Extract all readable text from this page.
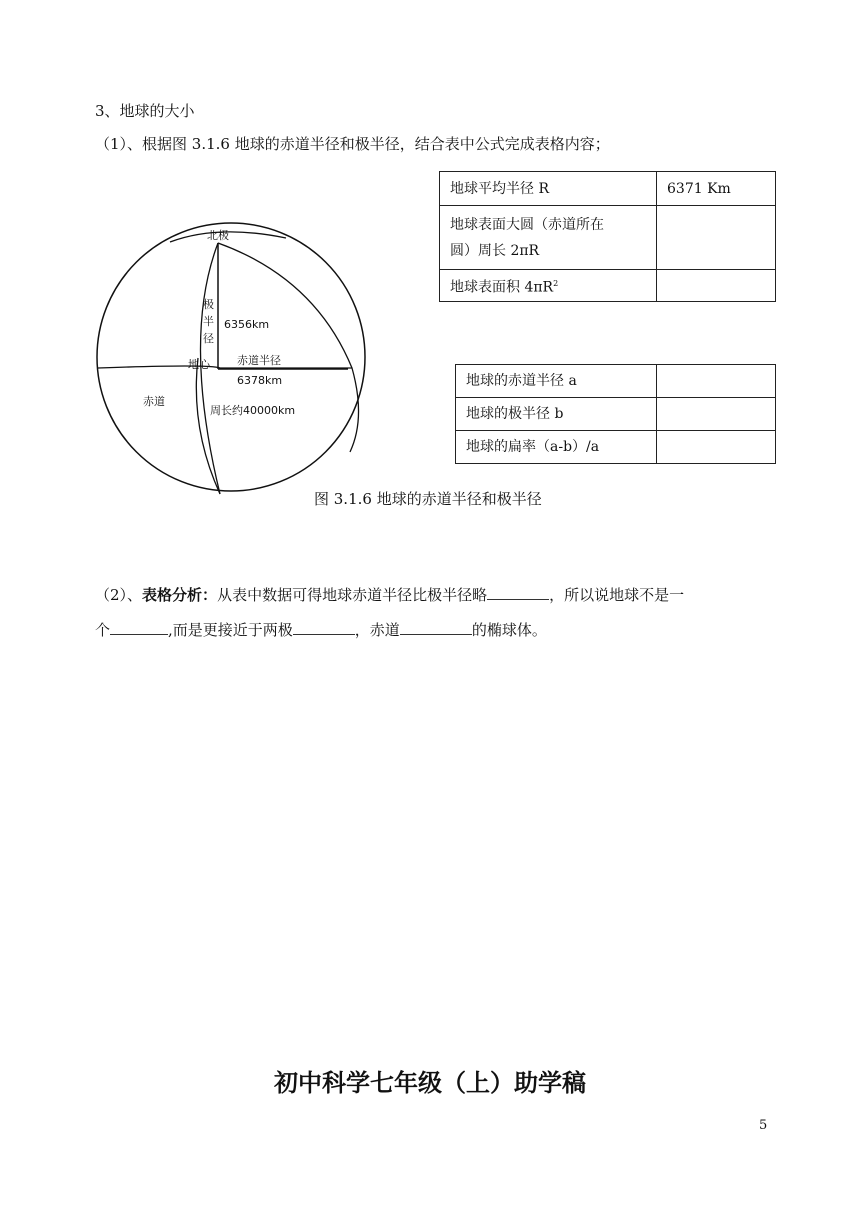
3、地球的大小
（1）、根据图 3.1.6 地球的赤道半径和极半径，结合表中公式完成表格内容；
地球平均半径 R	6371 Km

地球表面大圆（赤道所在
圆）周长 2πR	

地球表面积 $4\pi R^2$	
地球的赤道半径 a	
地球的极半径 b	
地球的扁率（a-b）/a	
北极
极
半
径
6356km
地心 赤道半径
6378km
赤道
周长约40000km
图 3.1.6 地球的赤道半径和极半径
（2）、表格分析：从表中数据可得地球赤道半径比极半径略	，所以说地球不是一
个	,而是更接近于两极	，赤道	的椭球体。
初中科学七年级（上）助学稿
5
